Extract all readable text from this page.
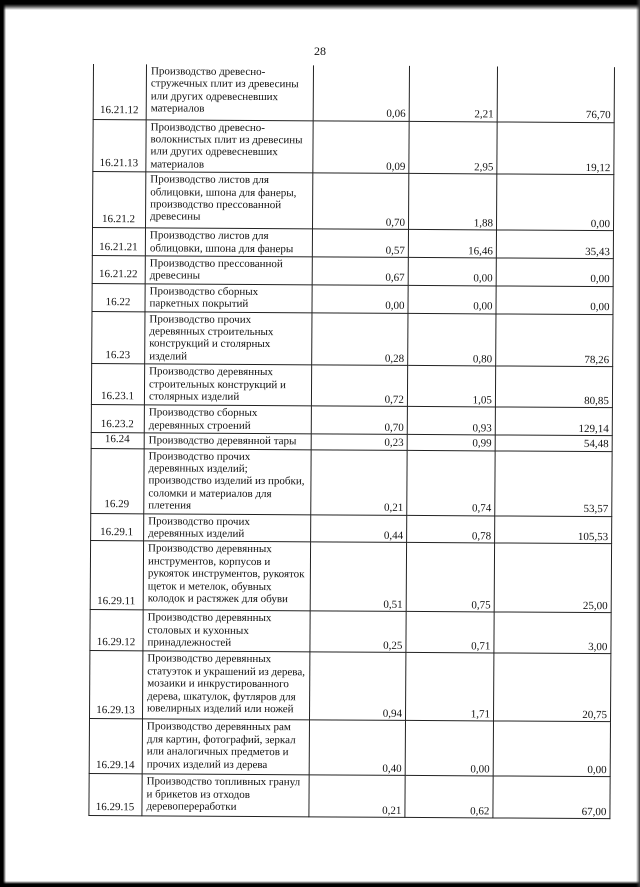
28
16.21.12	Производство древесно-стружечных плит из древесины или других одревесневших материалов	0,06	2,21	76,70
16.21.13	Производство древесно-волокнистых плит из древесины или других одревесневших материалов	0,09	2,95	19,12
16.21.2	Производство листов для облицовки, шпона для фанеры, производство прессованной древесины	0,70	1,88	0,00
16.21.21	Производство листов для облицовки, шпона для фанеры	0,57	16,46	35,43
16.21.22	Производство прессованной древесины	0,67	0,00	0,00
16.22	Производство сборных паркетных покрытий	0,00	0,00	0,00
16.23	Производство прочих деревянных строительных конструкций и столярных изделий	0,28	0,80	78,26
16.23.1	Производство деревянных строительных конструкций и столярных изделий	0,72	1,05	80,85
16.23.2	Производство сборных деревянных строений	0,70	0,93	129,14
16.24	Производство деревянной тары	0,23	0,99	54,48
16.29	Производство прочих деревянных изделий; производство изделий из пробки, соломки и материалов для плетения	0,21	0,74	53,57
16.29.1	Производство прочих деревянных изделий	0,44	0,78	105,53
16.29.11	Производство деревянных инструментов, корпусов и рукояток инструментов, рукояток щеток и метелок, обувных колодок и растяжек для обуви	0,51	0,75	25,00
16.29.12	Производство деревянных столовых и кухонных принадлежностей	0,25	0,71	3,00
16.29.13	Производство деревянных статуэток и украшений из дерева, мозаики и инкрустированного дерева, шкатулок, футляров для ювелирных изделий или ножей	0,94	1,71	20,75
16.29.14	Производство деревянных рам для картин, фотографий, зеркал или аналогичных предметов и прочих изделий из дерева	0,40	0,00	0,00
16.29.15	Производство топливных гранул и брикетов из отходов деревопереработки	0,21	0,62	67,00
